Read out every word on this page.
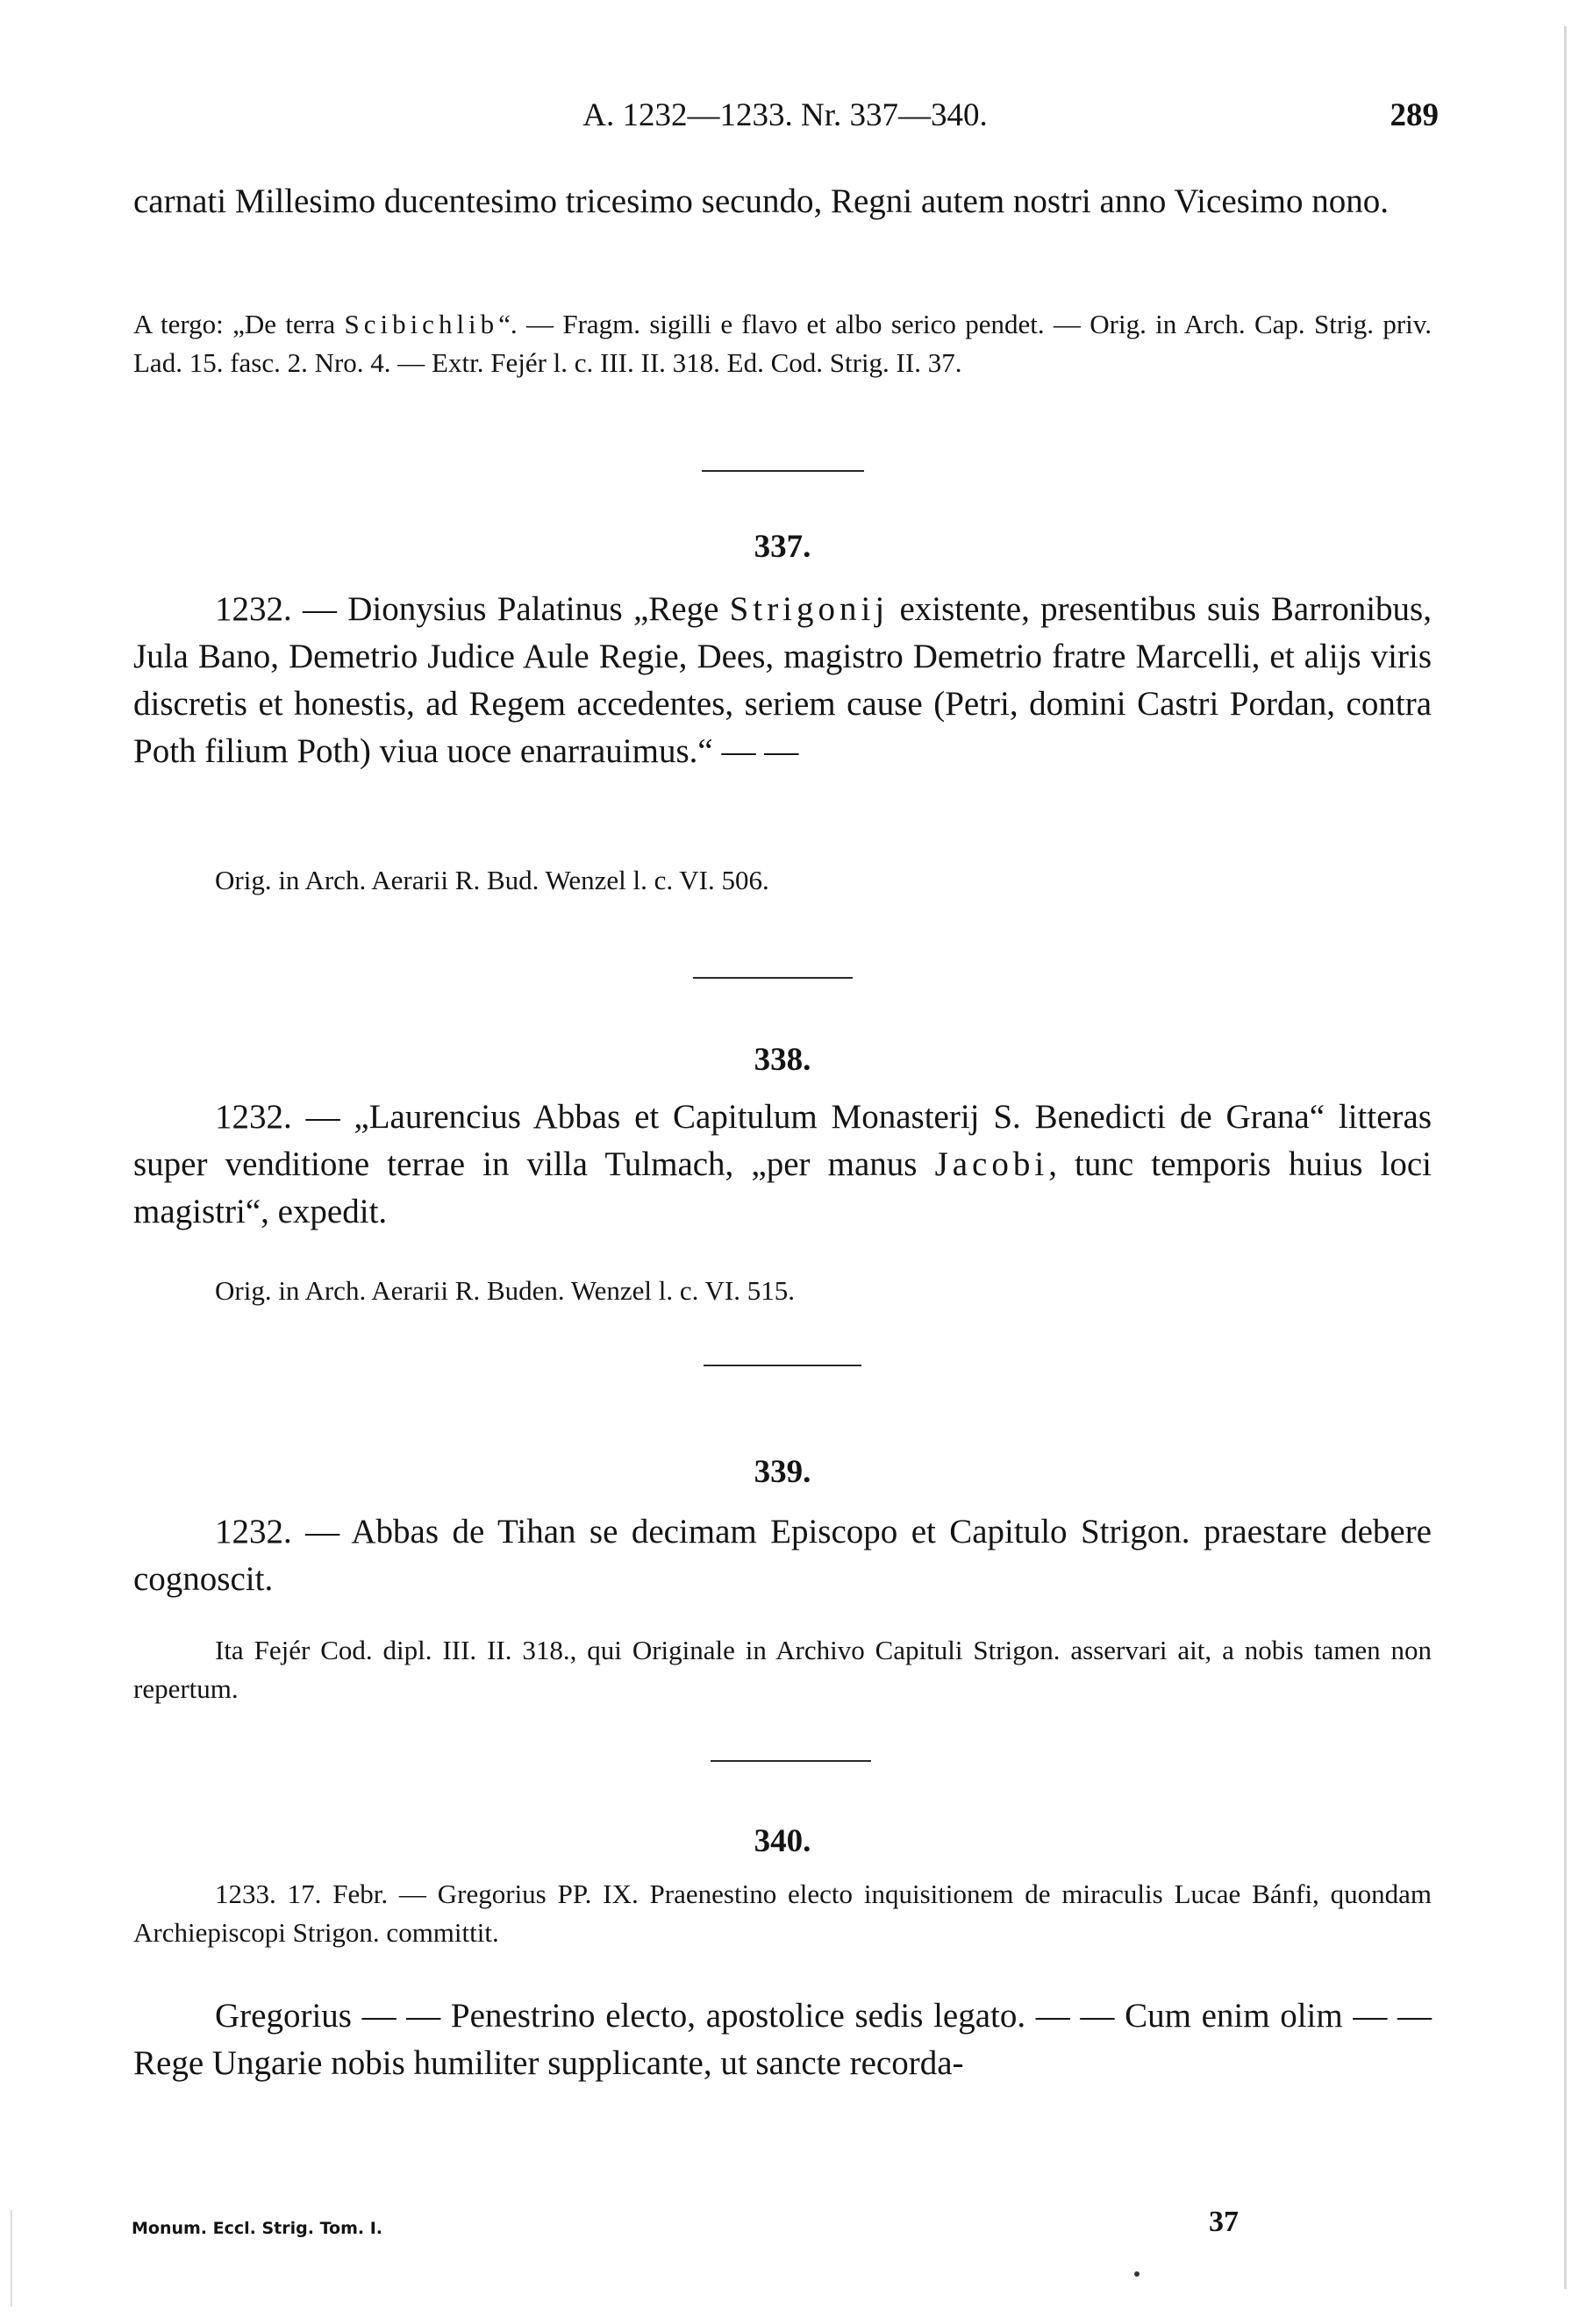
A. 1232—1233. Nr. 337—340.	289
carnati Millesimo ducentesimo tricesimo secundo, Regni autem nostri anno Vicesimo nono.
A tergo: „De terra Scibichlib“. — Fragm. sigilli e flavo et albo serico pendet. — Orig. in Arch. Cap. Strig. priv. Lad. 15. fasc. 2. Nro. 4. — Extr. Fejér l. c. III. II. 318. Ed. Cod. Strig. II. 37.
337.
1232. — Dionysius Palatinus „Rege Strigonij existente, presentibus suis Barronibus, Jula Bano, Demetrio Judice Aule Regie, Dees, magistro Demetrio fratre Marcelli, et alijs viris discretis et honestis, ad Regem accedentes, seriem cause (Petri, domini Castri Pordan, contra Poth filium Poth) viua uoce enarrauimus.“ — —
Orig. in Arch. Aerarii R. Bud. Wenzel l. c. VI. 506.
338.
1232. — „Laurencius Abbas et Capitulum Monasterij S. Benedicti de Grana“ litteras super venditione terrae in villa Tulmach, „per manus Jacobi, tunc temporis huius loci magistri“, expedit.
Orig. in Arch. Aerarii R. Buden. Wenzel l. c. VI. 515.
339.
1232. — Abbas de Tihan se decimam Episcopo et Capitulo Strigon. praestare debere cognoscit.
Ita Fejér Cod. dipl. III. II. 318., qui Originale in Archivo Capituli Strigon. asservari ait, a nobis tamen non repertum.
340.
1233. 17. Febr. — Gregorius PP. IX. Praenestino electo inquisitionem de miraculis Lucae Bánfi, quondam Archiepiscopi Strigon. committit.
Gregorius — — Penestrino electo, apostolice sedis legato. — — Cum enim olim — — Rege Ungarie nobis humiliter supplicante, ut sancte recorda-
Monum. Eccl. Strig. Tom. I.	37
